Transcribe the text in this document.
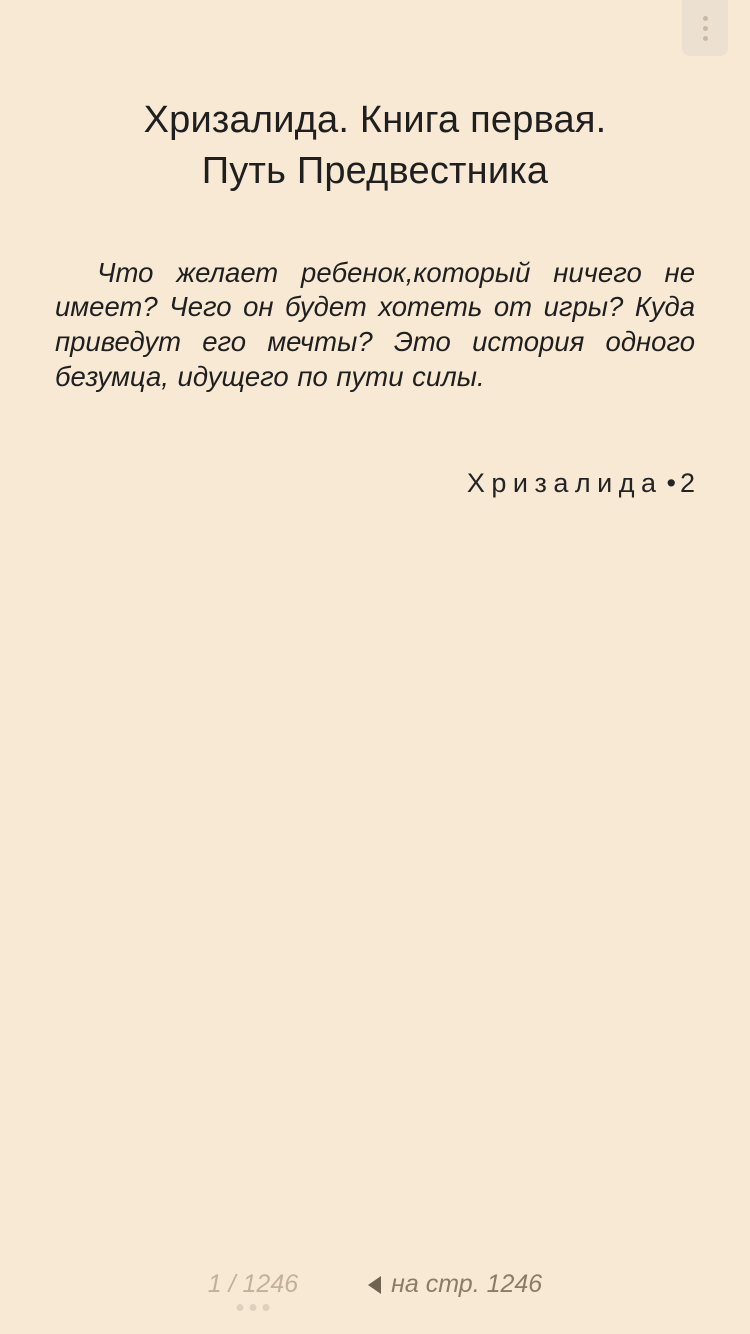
Хризалида. Книга первая.
Путь Предвестника

Что желает ребенок,который ничего не имеет? Чего он будет хотеть от игры? Куда приведут его мечты? Это история одного безумца, идущего по пути силы.

Хризалида • 2
1 / 1246	на стр. 1246
